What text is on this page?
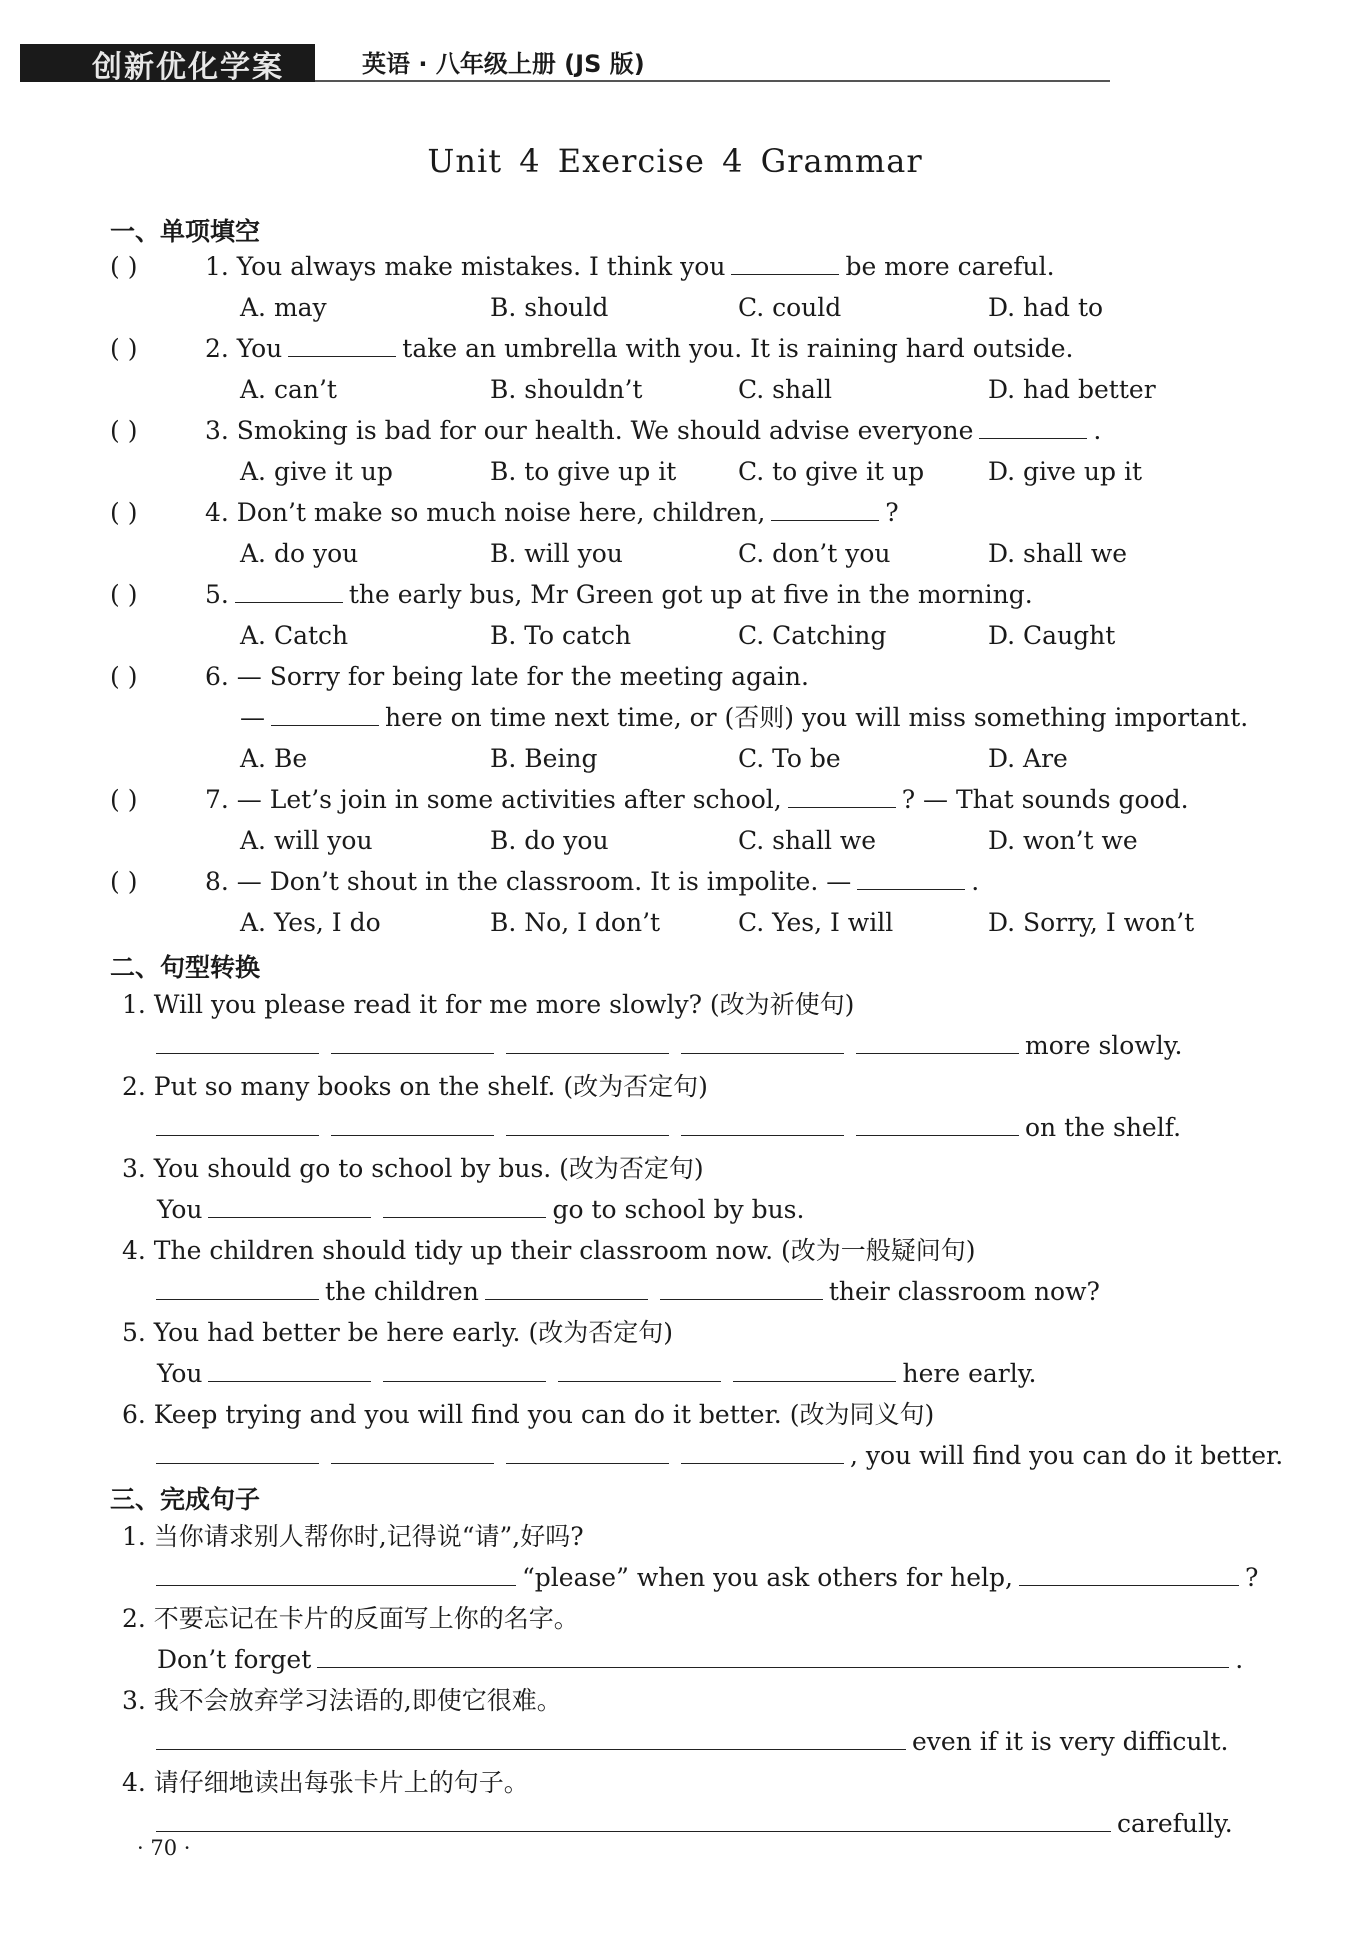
创新优化学案	英语 · 八年级上册 (JS 版)
Unit 4 Exercise 4 Grammar
一、单项填空
( )	1. You always make mistakes. I think you	be more careful.
A. may	B. should	C. could	D. had to
( )	2. You	take an umbrella with you. It is raining hard outside.
A. can’t	B. shouldn’t	C. shall	D. had better
( )	3. Smoking is bad for our health. We should advise everyone	.
A. give it up	B. to give up it C. to give it up	D. give up it
( )	4. Don’t make so much noise here, children,	?
A. do you	B. will you	C. don’t you	D. shall we
( )	5.	the early bus, Mr Green got up at five in the morning.
A. Catch	B. To catch	C. Catching	D. Caught
( )	6. — Sorry for being late for the meeting again.
—	here on time next time, or (否则) you will miss something important.
A. Be	B. Being	C. To be	D. Are
( )	7. — Let’s join in some activities after school,	? — That sounds good.
A. will you	B. do you	C. shall we	D. won’t we
( )	8. — Don’t shout in the classroom. It is impolite. —	.
A. Yes, I do	B. No, I don’t	C. Yes, I will	D. Sorry, I won’t
二、句型转换
1. Will you please read it for me more slowly? (改为祈使句)
more slowly.
2. Put so many books on the shelf. (改为否定句)
on the shelf.
3. You should go to school by bus. (改为否定句)
You	go to school by bus.
4. The children should tidy up their classroom now. (改为一般疑问句)
the children	their classroom now?
5. You had better be here early. (改为否定句)
You	here early.
6. Keep trying and you will find you can do it better. (改为同义句)
, you will find you can do it better.
三、完成句子
1. 当你请求别人帮你时,记得说“请”,好吗?
“please” when you ask others for help,	?
2. 不要忘记在卡片的反面写上你的名字。
Don’t forget	.
3. 我不会放弃学习法语的,即使它很难。
even if it is very difficult.
4. 请仔细地读出每张卡片上的句子。
carefully.
· 70 ·
